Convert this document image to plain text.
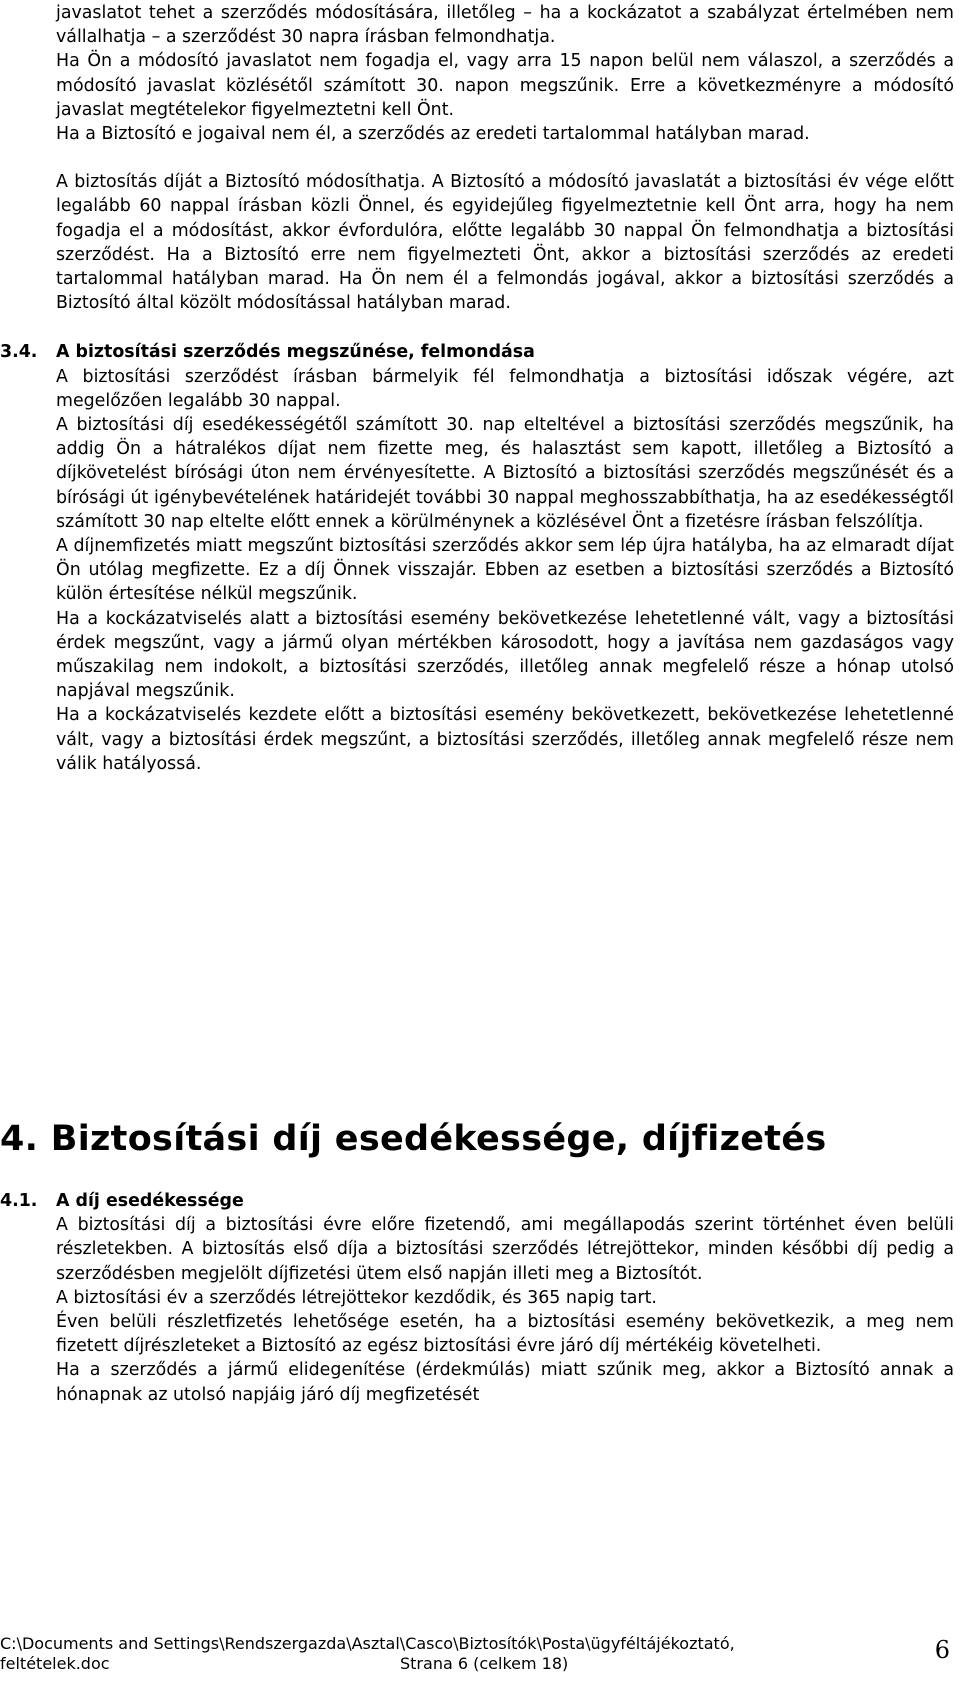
javaslatot tehet a szerződés módosítására, illetőleg – ha a kockázatot a szabályzat értelmében nem vállalhatja – a szerződést 30 napra írásban felmondhatja.

Ha Ön a módosító javaslatot nem fogadja el, vagy arra 15 napon belül nem válaszol, a szerződés a módosító javaslat közlésétől számított 30. napon megszűnik. Erre a következményre a módosító javaslat megtételekor figyelmeztetni kell Önt.

Ha a Biztosító e jogaival nem él, a szerződés az eredeti tartalommal hatályban marad.

A biztosítás díját a Biztosító módosíthatja. A Biztosító a módosító javaslatát a biztosítási év vége előtt legalább 60 nappal írásban közli Önnel, és egyidejűleg figyelmeztetnie kell Önt arra, hogy ha nem fogadja el a módosítást, akkor évfordulóra, előtte legalább 30 nappal Ön felmondhatja a biztosítási szerződést. Ha a Biztosító erre nem figyelmezteti Önt, akkor a biztosítási szerződés az eredeti tartalommal hatályban marad. Ha Ön nem él a felmondás jogával, akkor a biztosítási szerződés a Biztosító által közölt módosítással hatályban marad.

3.4. A biztosítási szerződés megszűnése, felmondása

A biztosítási szerződést írásban bármelyik fél felmondhatja a biztosítási időszak végére, azt megelőzően legalább 30 nappal.

A biztosítási díj esedékességétől számított 30. nap elteltével a biztosítási szerződés megszűnik, ha addig Ön a hátralékos díjat nem fizette meg, és halasztást sem kapott, illetőleg a Biztosító a díjkövetelést bírósági úton nem érvényesítette. A Biztosító a biztosítási szerződés megszűnését és a bírósági út igénybevételének határidejét további 30 nappal meghosszabbíthatja, ha az esedékességtől számított 30 nap eltelte előtt ennek a körülménynek a közlésével Önt a fizetésre írásban felszólítja.

A díjnemfizetés miatt megszűnt biztosítási szerződés akkor sem lép újra hatályba, ha az elmaradt díjat Ön utólag megfizette. Ez a díj Önnek visszajár. Ebben az esetben a biztosítási szerződés a Biztosító külön értesítése nélkül megszűnik.

Ha a kockázatviselés alatt a biztosítási esemény bekövetkezése lehetetlenné vált, vagy a biztosítási érdek megszűnt, vagy a jármű olyan mértékben károsodott, hogy a javítása nem gazdaságos vagy műszakilag nem indokolt, a biztosítási szerződés, illetőleg annak megfelelő része a hónap utolsó napjával megszűnik.

Ha a kockázatviselés kezdete előtt a biztosítási esemény bekövetkezett, bekövetkezése lehetetlenné vált, vagy a biztosítási érdek megszűnt, a biztosítási szerződés, illetőleg annak megfelelő része nem válik hatályossá.

4. Biztosítási díj esedékessége, díjfizetés
4.1. A díj esedékessége

A biztosítási díj a biztosítási évre előre fizetendő, ami megállapodás szerint történhet éven belüli részletekben. A biztosítás első díja a biztosítási szerződés létrejöttekor, minden későbbi díj pedig a szerződésben megjelölt díjfizetési ütem első napján illeti meg a Biztosítót.

A biztosítási év a szerződés létrejöttekor kezdődik, és 365 napig tart.

Éven belüli részletfizetés lehetősége esetén, ha a biztosítási esemény bekövetkezik, a meg nem fizetett díjrészleteket a Biztosító az egész biztosítási évre járó díj mértékéig követelheti.

Ha a szerződés a jármű elidegenítése (érdekmúlás) miatt szűnik meg, akkor a Biztosító annak a hónapnak az utolsó napjáig járó díj megfizetését

C:\Documents and Settings\Rendszergazda\Asztal\Casco\Biztosítók\Posta\ügyféltájékoztató, feltételek.doc	Strana 6 (celkem 18)	6
